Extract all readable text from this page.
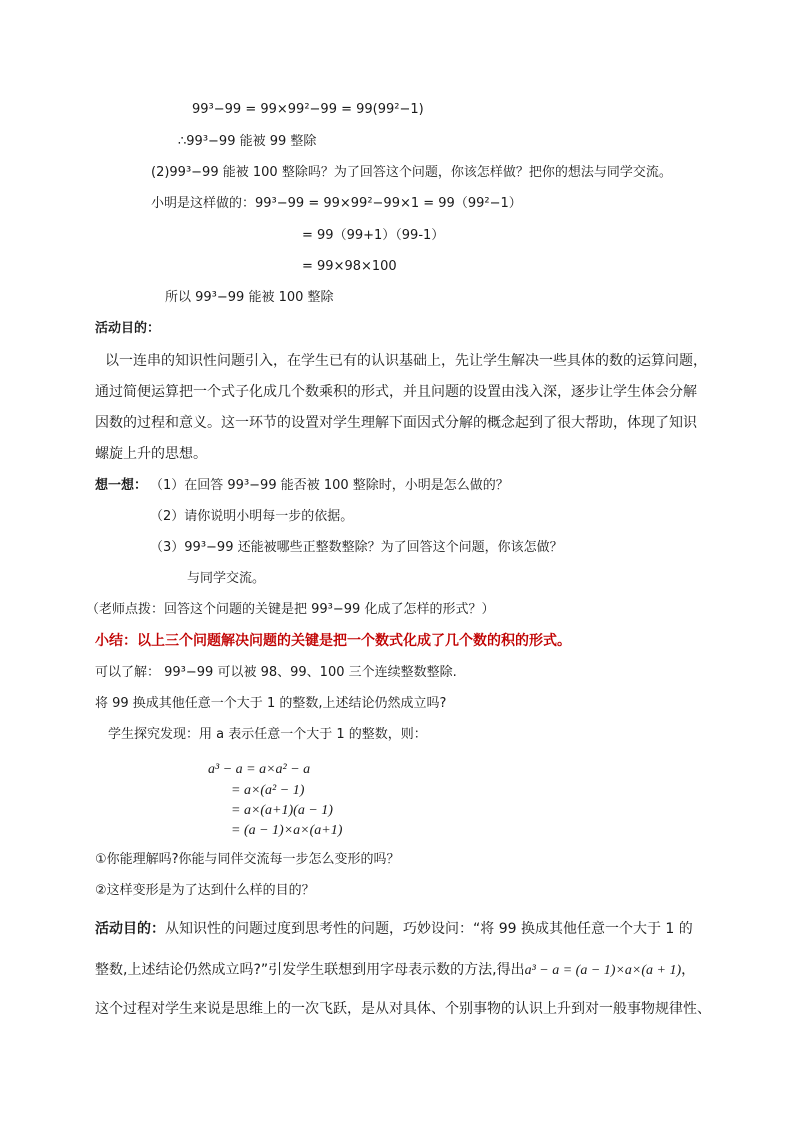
99³−99 = 99×99²−99 = 99(99²−1)
∴99³−99 能被 99 整除
(2)99³−99 能被 100 整除吗？为了回答这个问题，你该怎样做？把你的想法与同学交流。
小明是这样做的：99³−99 = 99×99²−99×1 = 99（99²−1）
= 99（99+1）（99-1）
= 99×98×100
所以 99³−99 能被 100 整除
活动目的：
以一连串的知识性问题引入，在学生已有的认识基础上，先让学生解决一些具体的数的运算问题，
通过简便运算把一个式子化成几个数乘积的形式，并且问题的设置由浅入深，逐步让学生体会分解
因数的过程和意义。这一环节的设置对学生理解下面因式分解的概念起到了很大帮助，体现了知识
螺旋上升的思想。
想一想： （1）在回答 99³−99 能否被 100 整除时，小明是怎么做的？
（2）请你说明小明每一步的依据。
（3）99³−99 还能被哪些正整数整除？为了回答这个问题，你该怎做？
与同学交流。
（老师点拨：回答这个问题的关键是把 99³−99 化成了怎样的形式？）
小结：以上三个问题解决问题的关键是把一个数式化成了几个数的积的形式。
可以了解： 99³−99 可以被 98、99、100 三个连续整数整除.
将 99 换成其他任意一个大于 1 的整数,上述结论仍然成立吗?
学生探究发现：用 a 表示任意一个大于 1 的整数，则：
a³ − a = a×a² − a
= a×(a² − 1)
= a×(a+1)(a − 1)
= (a − 1)×a×(a+1)
①你能理解吗?你能与同伴交流每一步怎么变形的吗？
②这样变形是为了达到什么样的目的？
活动目的：从知识性的问题过度到思考性的问题，巧妙设问：“将 99 换成其他任意一个大于 1 的
整数,上述结论仍然成立吗?”引发学生联想到用字母表示数的方法,得出a³ − a = (a − 1)×a×(a + 1)，
这个过程对学生来说是思维上的一次飞跃，是从对具体、个别事物的认识上升到对一般事物规律性、
